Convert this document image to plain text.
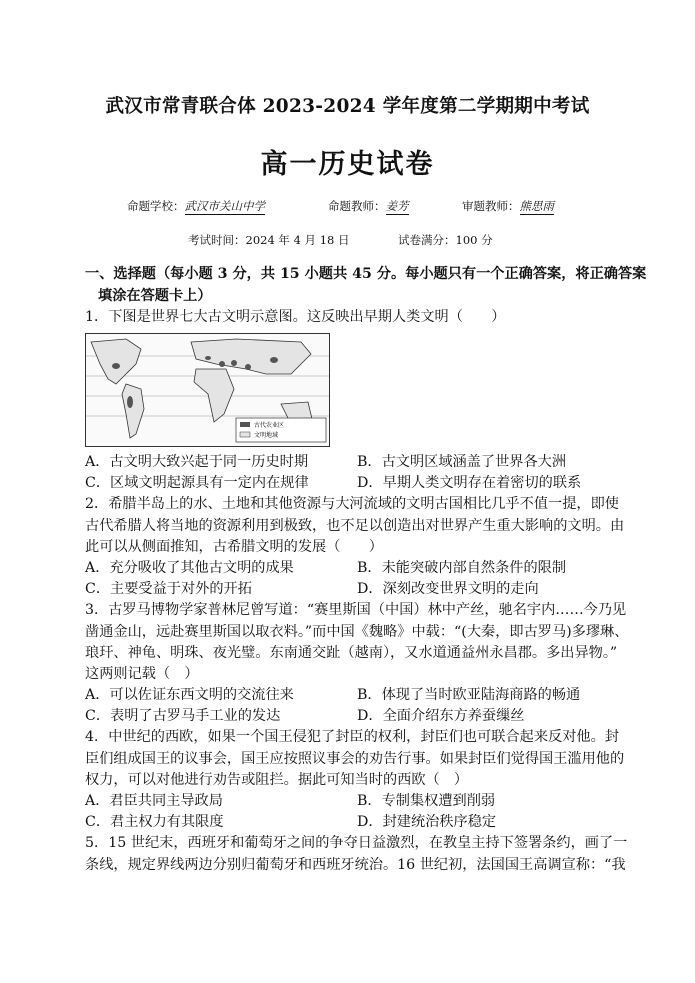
武汉市常青联合体 2023-2024 学年度第二学期期中考试
高一历史试卷
命题学校：武汉市关山中学	命题教师：姜芳	审题教师：熊思雨
考试时间：2024 年 4 月 18 日	试卷满分：100 分
一、选择题（每小题 3 分，共 15 小题共 45 分。每小题只有一个正确答案，将正确答案
填涂在答题卡上）
1．下图是世界七大古文明示意图。这反映出早期人类文明（　　）
古代农业区
文明地域
A．古文明大致兴起于同一历史时期	B．古文明区域涵盖了世界各大洲
C．区域文明起源具有一定内在规律	D．早期人类文明存在着密切的联系
2．希腊半岛上的水、土地和其他资源与大河流域的文明古国相比几乎不值一提，即使
古代希腊人将当地的资源利用到极致，也不足以创造出对世界产生重大影响的文明。由
此可以从侧面推知，古希腊文明的发展（　　）
A．充分吸收了其他古文明的成果	B．未能突破内部自然条件的限制
C．主要受益于对外的开拓	D．深刻改变世界文明的走向
3．古罗马博物学家普林尼曾写道：“赛里斯国（中国）林中产丝，驰名宇内……今乃见
凿通金山，远赴赛里斯国以取衣料。”而中国《魏略》中载：“(大秦，即古罗马)多璆琳、
琅玕、神龟、明珠、夜光璧。东南通交趾（越南），又水道通益州永昌郡。多出异物。”
这两则记载（　）
A．可以佐证东西文明的交流往来	B．体现了当时欧亚陆海商路的畅通
C．表明了古罗马手工业的发达	D．全面介绍东方养蚕缫丝
4．中世纪的西欧，如果一个国王侵犯了封臣的权利，封臣们也可联合起来反对他。封
臣们组成国王的议事会，国王应按照议事会的劝告行事。如果封臣们觉得国王滥用他的
权力，可以对他进行劝告或阻拦。据此可知当时的西欧（　）
A．君臣共同主导政局	B．专制集权遭到削弱
C．君主权力有其限度	D．封建统治秩序稳定
5．15 世纪末，西班牙和葡萄牙之间的争夺日益激烈，在教皇主持下签署条约，画了一
条线，规定界线两边分别归葡萄牙和西班牙统治。16 世纪初，法国国王高调宣称：“我
